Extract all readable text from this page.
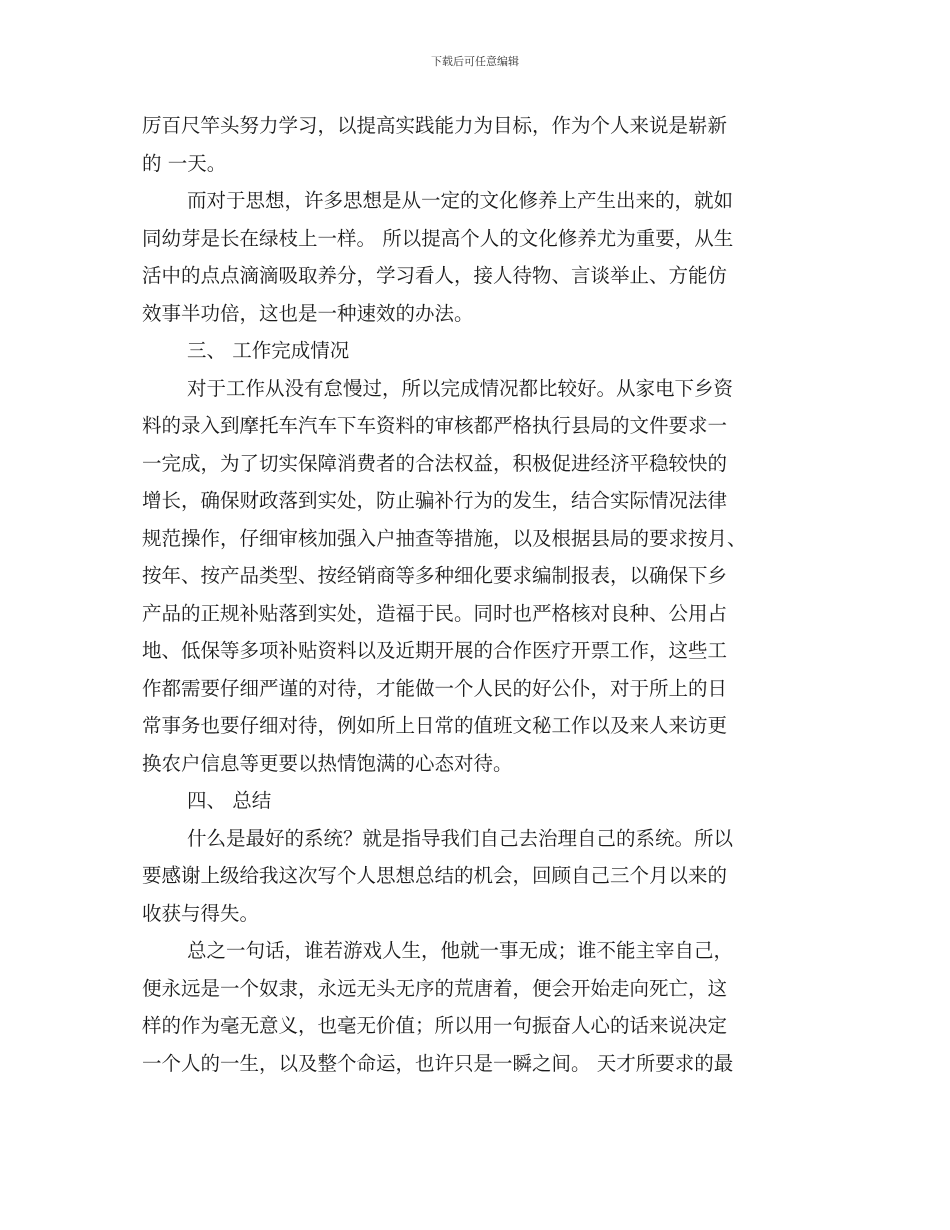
下载后可任意编辑

厉百尺竿头努力学习，以提高实践能力为目标，作为个人来说是崭新
的 一天。

而对于思想，许多思想是从一定的文化修养上产生出来的，就如
同幼芽是长在绿枝上一样。 所以提高个人的文化修养尤为重要，从生
活中的点点滴滴吸取养分，学习看人，接人待物、言谈举止、方能仿
效事半功倍，这也是一种速效的办法。

三、 工作完成情况

对于工作从没有怠慢过，所以完成情况都比较好。从家电下乡资
料的录入到摩托车汽车下车资料的审核都严格执行县局的文件要求一
一完成，为了切实保障消费者的合法权益，积极促进经济平稳较快的
增长，确保财政落到实处，防止骗补行为的发生，结合实际情况法律
规范操作，仔细审核加强入户抽查等措施，以及根据县局的要求按月、
按年、按产品类型、按经销商等多种细化要求编制报表，以确保下乡
产品的正规补贴落到实处，造福于民。同时也严格核对良种、公用占
地、低保等多项补贴资料以及近期开展的合作医疗开票工作，这些工
作都需要仔细严谨的对待，才能做一个人民的好公仆，对于所上的日
常事务也要仔细对待，例如所上日常的值班文秘工作以及来人来访更
换农户信息等更要以热情饱满的心态对待。

四、 总结

什么是最好的系统？就是指导我们自己去治理自己的系统。所以
要感谢上级给我这次写个人思想总结的机会，回顾自己三个月以来的
收获与得失。

总之一句话，谁若游戏人生，他就一事无成；谁不能主宰自己，
便永远是一个奴隶，永远无头无序的荒唐着，便会开始走向死亡，这
样的作为毫无意义，也毫无价值；所以用一句振奋人心的话来说决定
一个人的一生，以及整个命运，也许只是一瞬之间。 天才所要求的最
